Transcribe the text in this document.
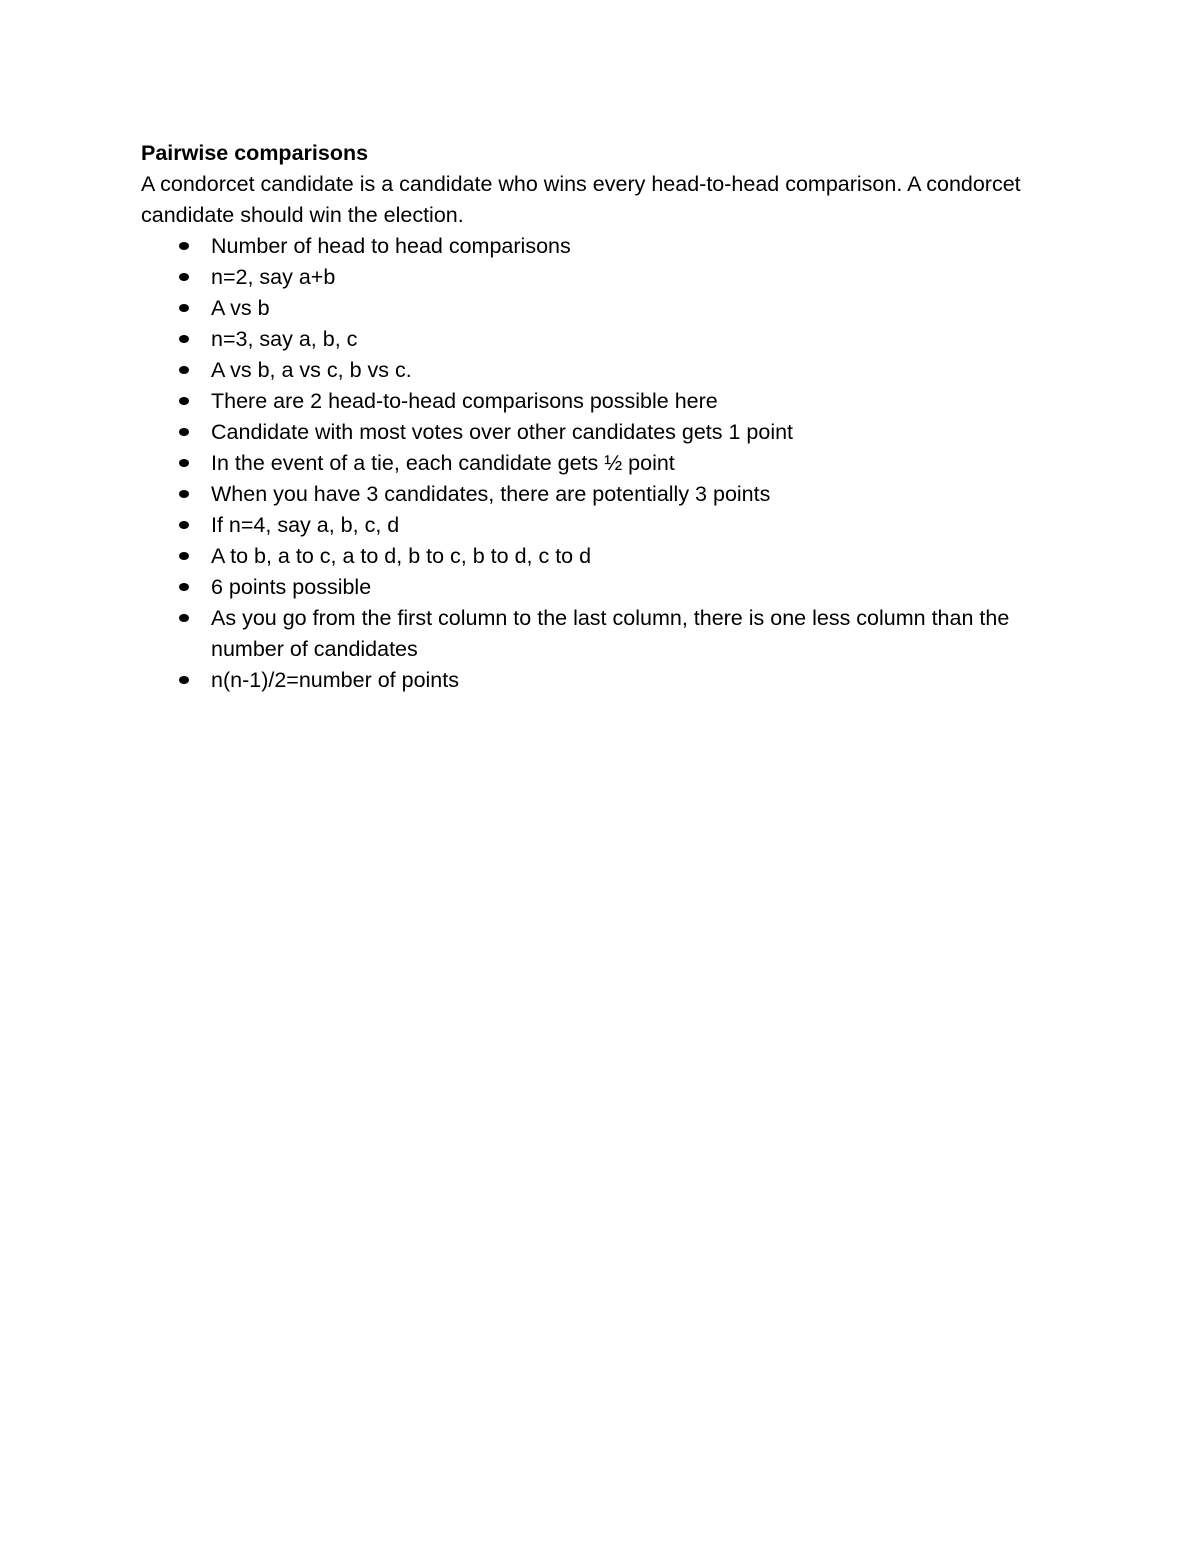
Pairwise comparisons

A condorcet candidate is a candidate who wins every head-to-head comparison. A condorcet candidate should win the election.

Number of head to head comparisons
n=2, say a+b
A vs b
n=3, say a, b, c
A vs b, a vs c, b vs c.
There are 2 head-to-head comparisons possible here
Candidate with most votes over other candidates gets 1 point
In the event of a tie, each candidate gets ½ point
When you have 3 candidates, there are potentially 3 points
If n=4, say a, b, c, d
A to b, a to c, a to d, b to c, b to d, c to d
6 points possible
As you go from the first column to the last column, there is one less column than the number of candidates
n(n-1)/2=number of points
